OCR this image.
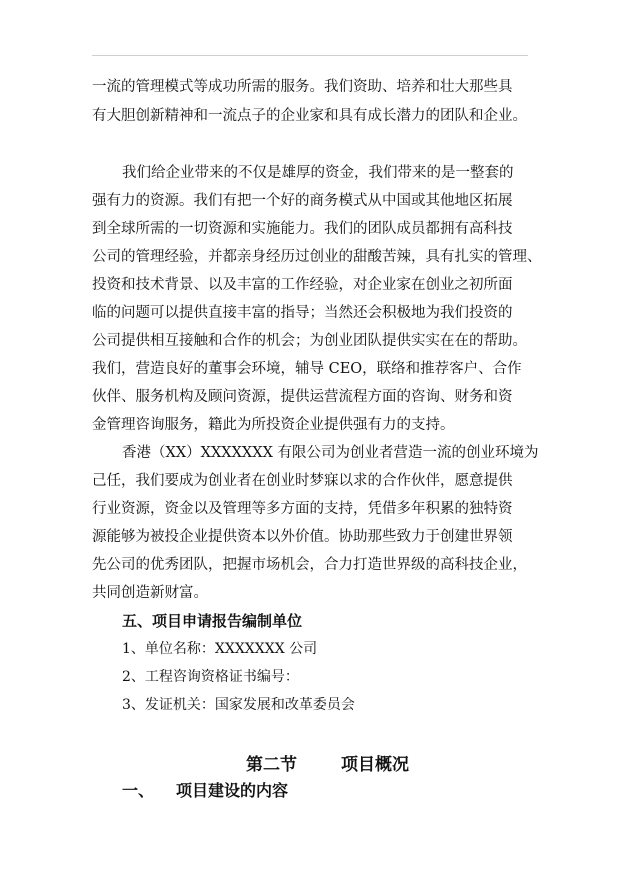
一流的管理模式等成功所需的服务。我们资助、培养和壮大那些具
有大胆创新精神和一流点子的企业家和具有成长潜力的团队和企业。
我们给企业带来的不仅是雄厚的资金，我们带来的是一整套的
强有力的资源。我们有把一个好的商务模式从中国或其他地区拓展
到全球所需的一切资源和实施能力。我们的团队成员都拥有高科技
公司的管理经验，并都亲身经历过创业的甜酸苦辣，具有扎实的管理、
投资和技术背景、以及丰富的工作经验，对企业家在创业之初所面
临的问题可以提供直接丰富的指导；当然还会积极地为我们投资的
公司提供相互接触和合作的机会；为创业团队提供实实在在的帮助。
我们，营造良好的董事会环境，辅导 CEO，联络和推荐客户、合作
伙伴、服务机构及顾问资源，提供运营流程方面的咨询、财务和资
金管理咨询服务，籍此为所投资企业提供强有力的支持。
香港（XX）XXXXXXX 有限公司为创业者营造一流的创业环境为
己任，我们要成为创业者在创业时梦寐以求的合作伙伴，愿意提供
行业资源，资金以及管理等多方面的支持，凭借多年积累的独特资
源能够为被投企业提供资本以外价值。协助那些致力于创建世界领
先公司的优秀团队，把握市场机会，合力打造世界级的高科技企业，
共同创造新财富。
五、项目申请报告编制单位
1、单位名称：XXXXXXX 公司
2、工程咨询资格证书编号：
3、发证机关：国家发展和改革委员会
第二节	项目概况
一、 项目建设的内容
